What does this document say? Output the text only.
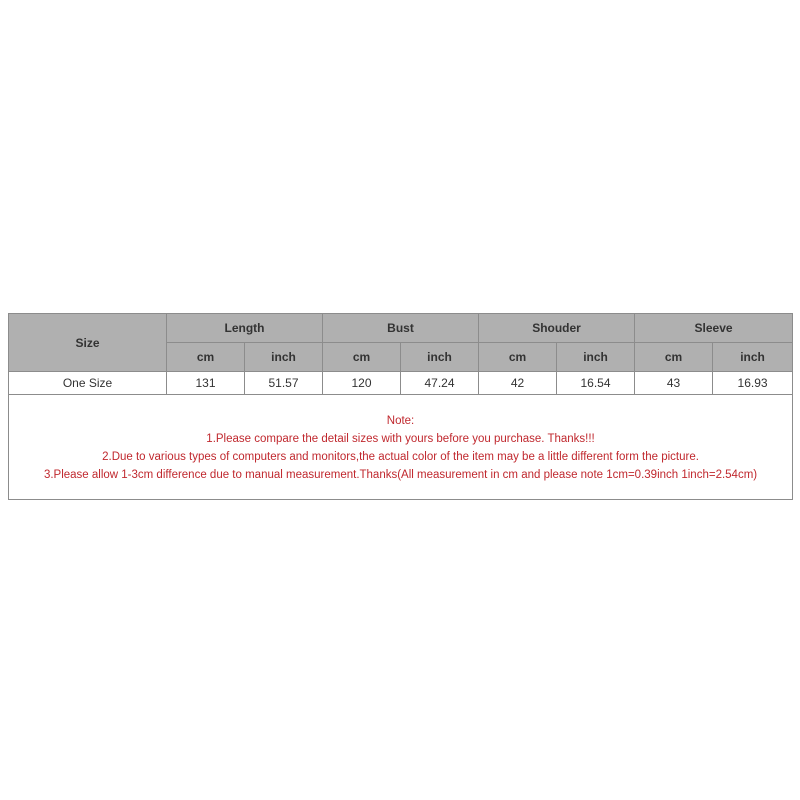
Size	Length		Bust		Shouder		Sleeve	
	cm	inch	cm	inch	cm	inch	cm	inch
One Size	131	51.57	120	47.24	42	16.54	43	16.93

Note:
1.Please compare the detail sizes with yours before you purchase. Thanks!!!
2.Due to various types of computers and monitors,the actual color of the item may be a little different form the picture.
3.Please allow 1-3cm difference due to manual measurement.Thanks(All measurement in cm and please note 1cm=0.39inch 1inch=2.54cm)								
